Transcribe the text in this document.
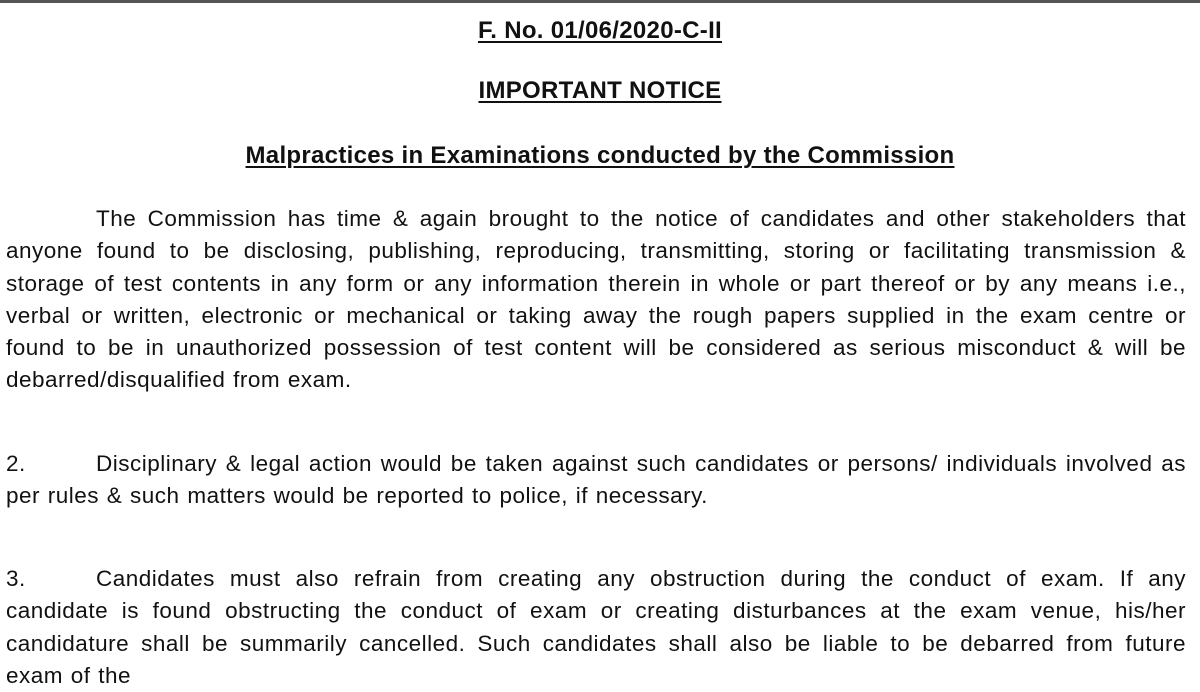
F. No. 01/06/2020-C-II
IMPORTANT NOTICE
Malpractices in Examinations conducted by the Commission
The Commission has time & again brought to the notice of candidates and other stakeholders that anyone found to be disclosing, publishing, reproducing, transmitting, storing or facilitating transmission & storage of test contents in any form or any information therein in whole or part thereof or by any means i.e., verbal or written, electronic or mechanical or taking away the rough papers supplied in the exam centre or found to be in unauthorized possession of test content will be considered as serious misconduct & will be debarred/disqualified from exam.
2.	Disciplinary & legal action would be taken against such candidates or persons/ individuals involved as per rules & such matters would be reported to police, if necessary.
3.	Candidates must also refrain from creating any obstruction during the conduct of exam. If any candidate is found obstructing the conduct of exam or creating disturbances at the exam venue, his/her candidature shall be summarily cancelled. Such candidates shall also be liable to be debarred from future exam of the
